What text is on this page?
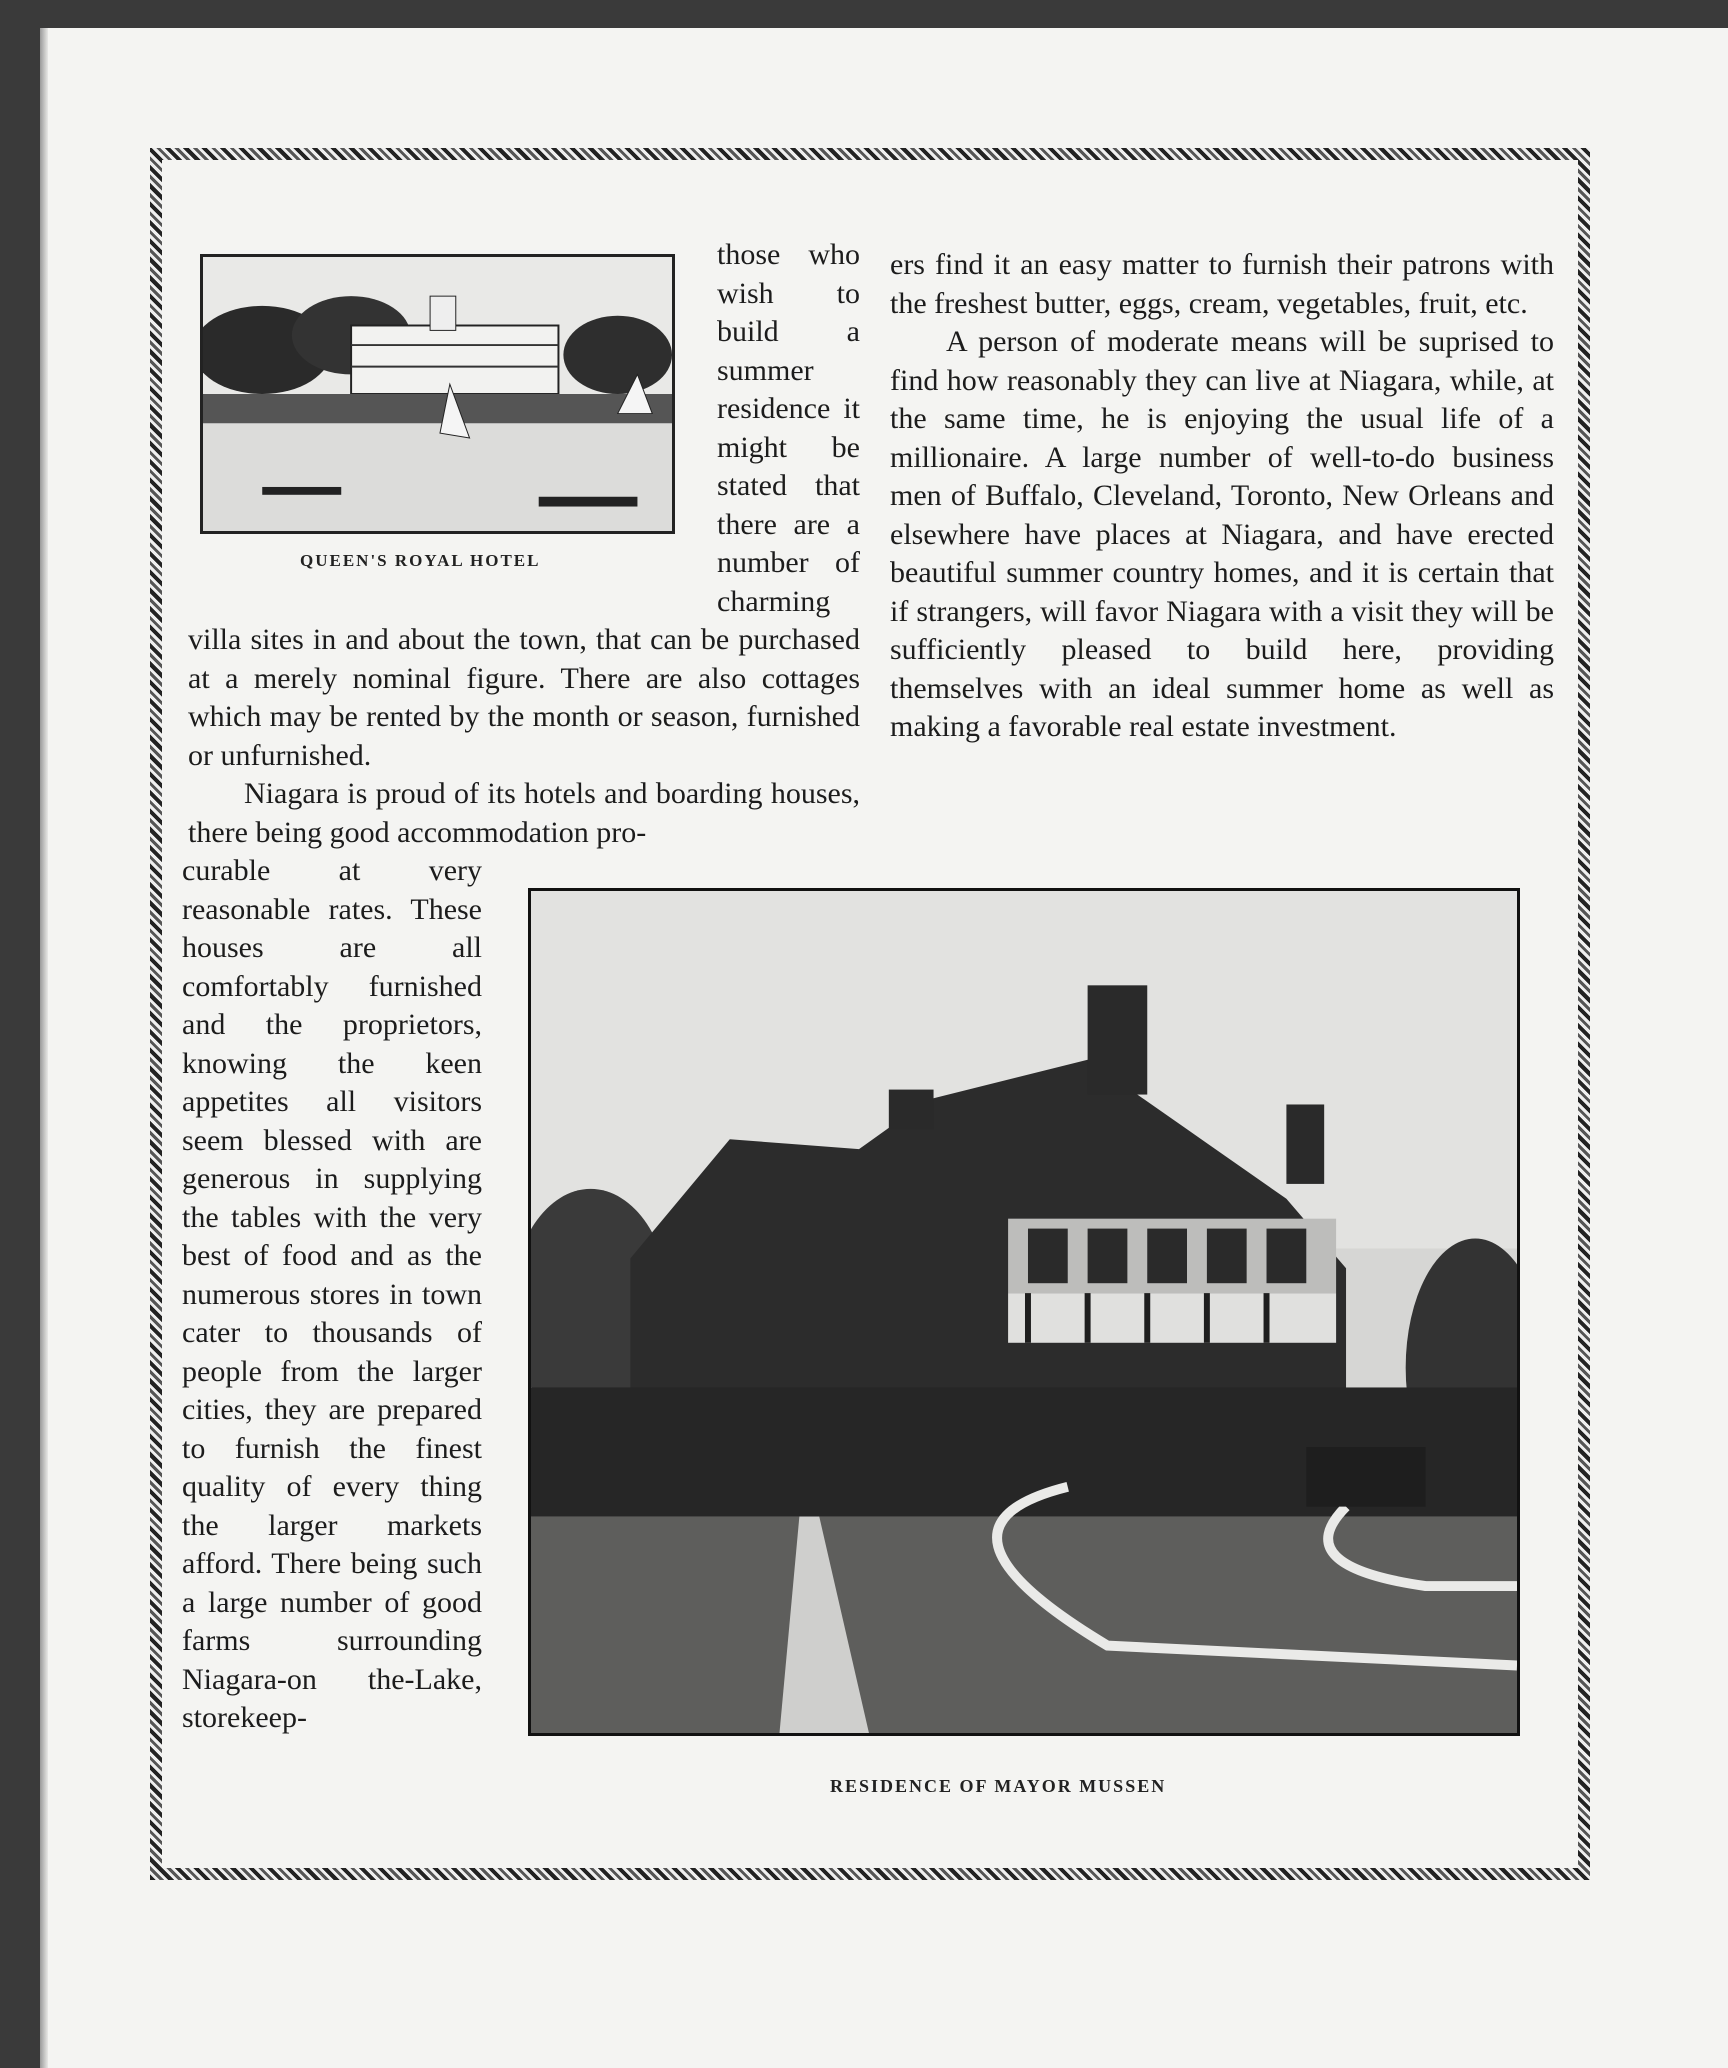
QUEEN'S ROYAL HOTEL

those who wish to build a summer residence it might be stated that there are a number of charming villa sites in and about the town, that can be purchased at a merely nominal figure. There are also cottages which may be rented by the month or season, furnished or unfurnished.

Niagara is proud of its hotels and boarding houses, there being good accommodation pro-

curable at very reasonable rates. These houses are all comfortably furnished and the proprietors, knowing the keen appetites all visitors seem blessed with are generous in supplying the tables with the very best of food and as the numerous stores in town cater to thousands of people from the larger cities, they are prepared to furnish the finest quality of every thing the larger markets afford. There being such a large number of good farms surrounding Niagara-on the-Lake, storekeep-

ers find it an easy matter to furnish their patrons with the freshest butter, eggs, cream, vegetables, fruit, etc.

A person of moderate means will be suprised to find how reasonably they can live at Niagara, while, at the same time, he is enjoying the usual life of a millionaire. A large number of well-to-do business men of Buffalo, Cleveland, Toronto, New Orleans and elsewhere have places at Niagara, and have erected beautiful summer country homes, and it is certain that if strangers, will favor Niagara with a visit they will be sufficiently pleased to build here, providing themselves with an ideal summer home as well as making a favorable real estate investment.

RESIDENCE OF MAYOR MUSSEN
